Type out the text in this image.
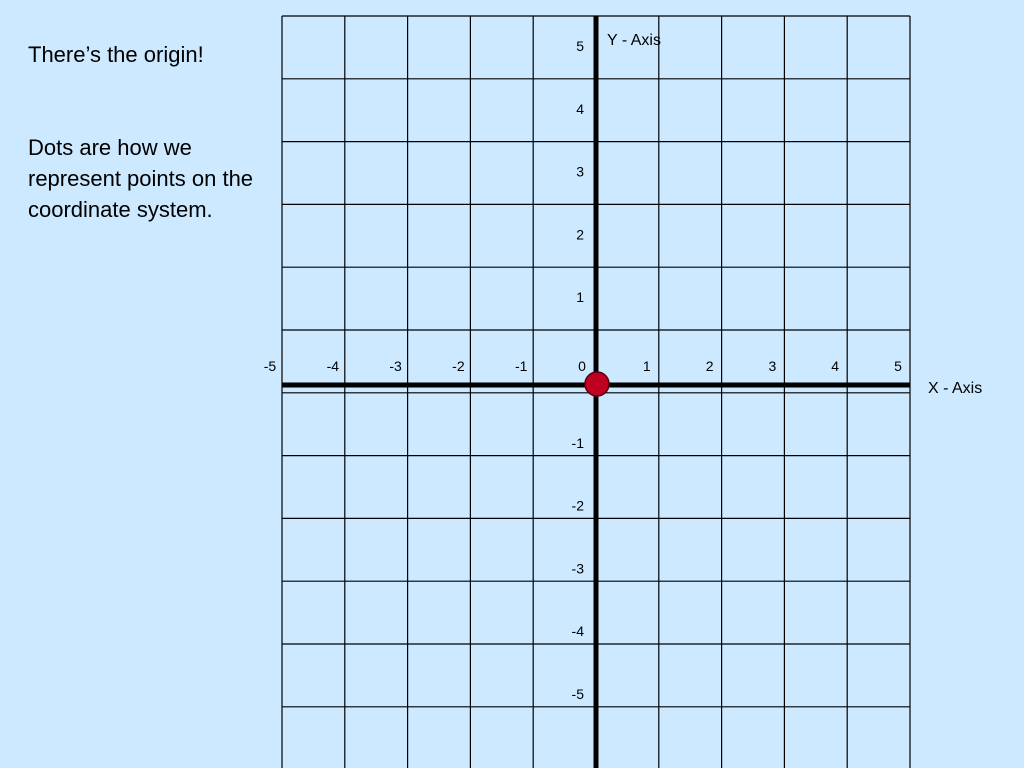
There’s the origin!
Dots are how we represent points on the coordinate system.
-5	-4	-3	-2	-1	0	1	2	3	4	5
5
4
3
2
1
-1
-2
-3
-4
-5
Y - Axis
X - Axis
